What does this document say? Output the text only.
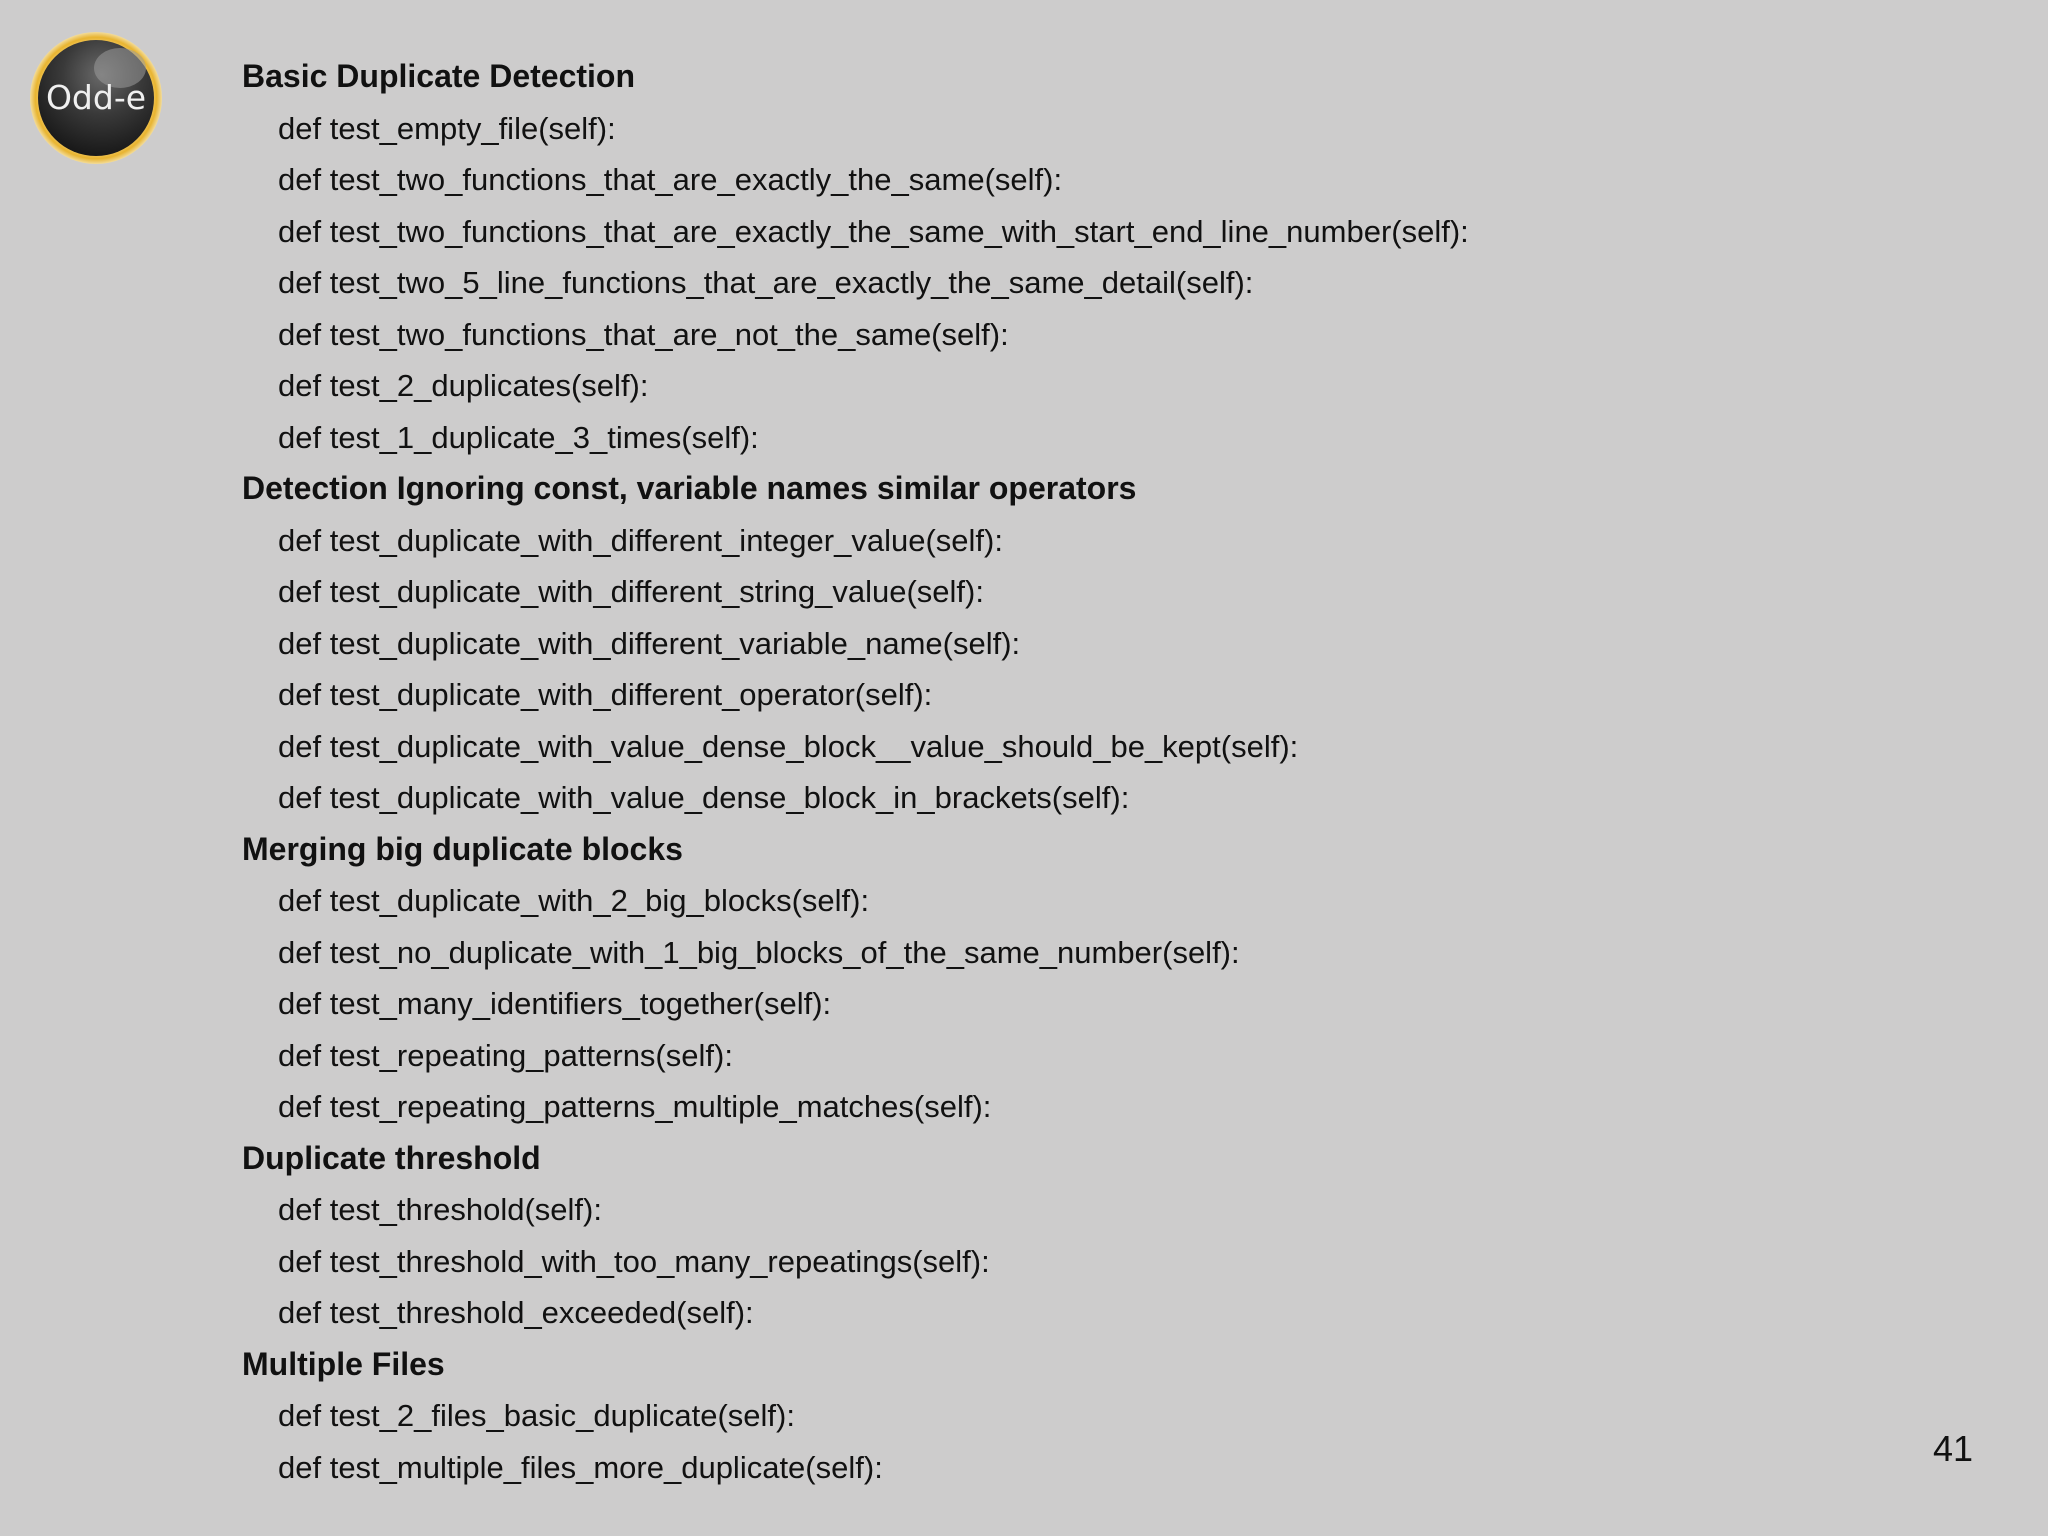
Odd-e
Basic Duplicate Detection
def test_empty_file(self):
def test_two_functions_that_are_exactly_the_same(self):
def test_two_functions_that_are_exactly_the_same_with_start_end_line_number(self):
def test_two_5_line_functions_that_are_exactly_the_same_detail(self):
def test_two_functions_that_are_not_the_same(self):
def test_2_duplicates(self):
def test_1_duplicate_3_times(self):
Detection Ignoring const, variable names similar operators
def test_duplicate_with_different_integer_value(self):
def test_duplicate_with_different_string_value(self):
def test_duplicate_with_different_variable_name(self):
def test_duplicate_with_different_operator(self):
def test_duplicate_with_value_dense_block__value_should_be_kept(self):
def test_duplicate_with_value_dense_block_in_brackets(self):
Merging big duplicate blocks
def test_duplicate_with_2_big_blocks(self):
def test_no_duplicate_with_1_big_blocks_of_the_same_number(self):
def test_many_identifiers_together(self):
def test_repeating_patterns(self):
def test_repeating_patterns_multiple_matches(self):
Duplicate threshold
def test_threshold(self):
def test_threshold_with_too_many_repeatings(self):
def test_threshold_exceeded(self):
Multiple Files
def test_2_files_basic_duplicate(self):
def test_multiple_files_more_duplicate(self):	41
